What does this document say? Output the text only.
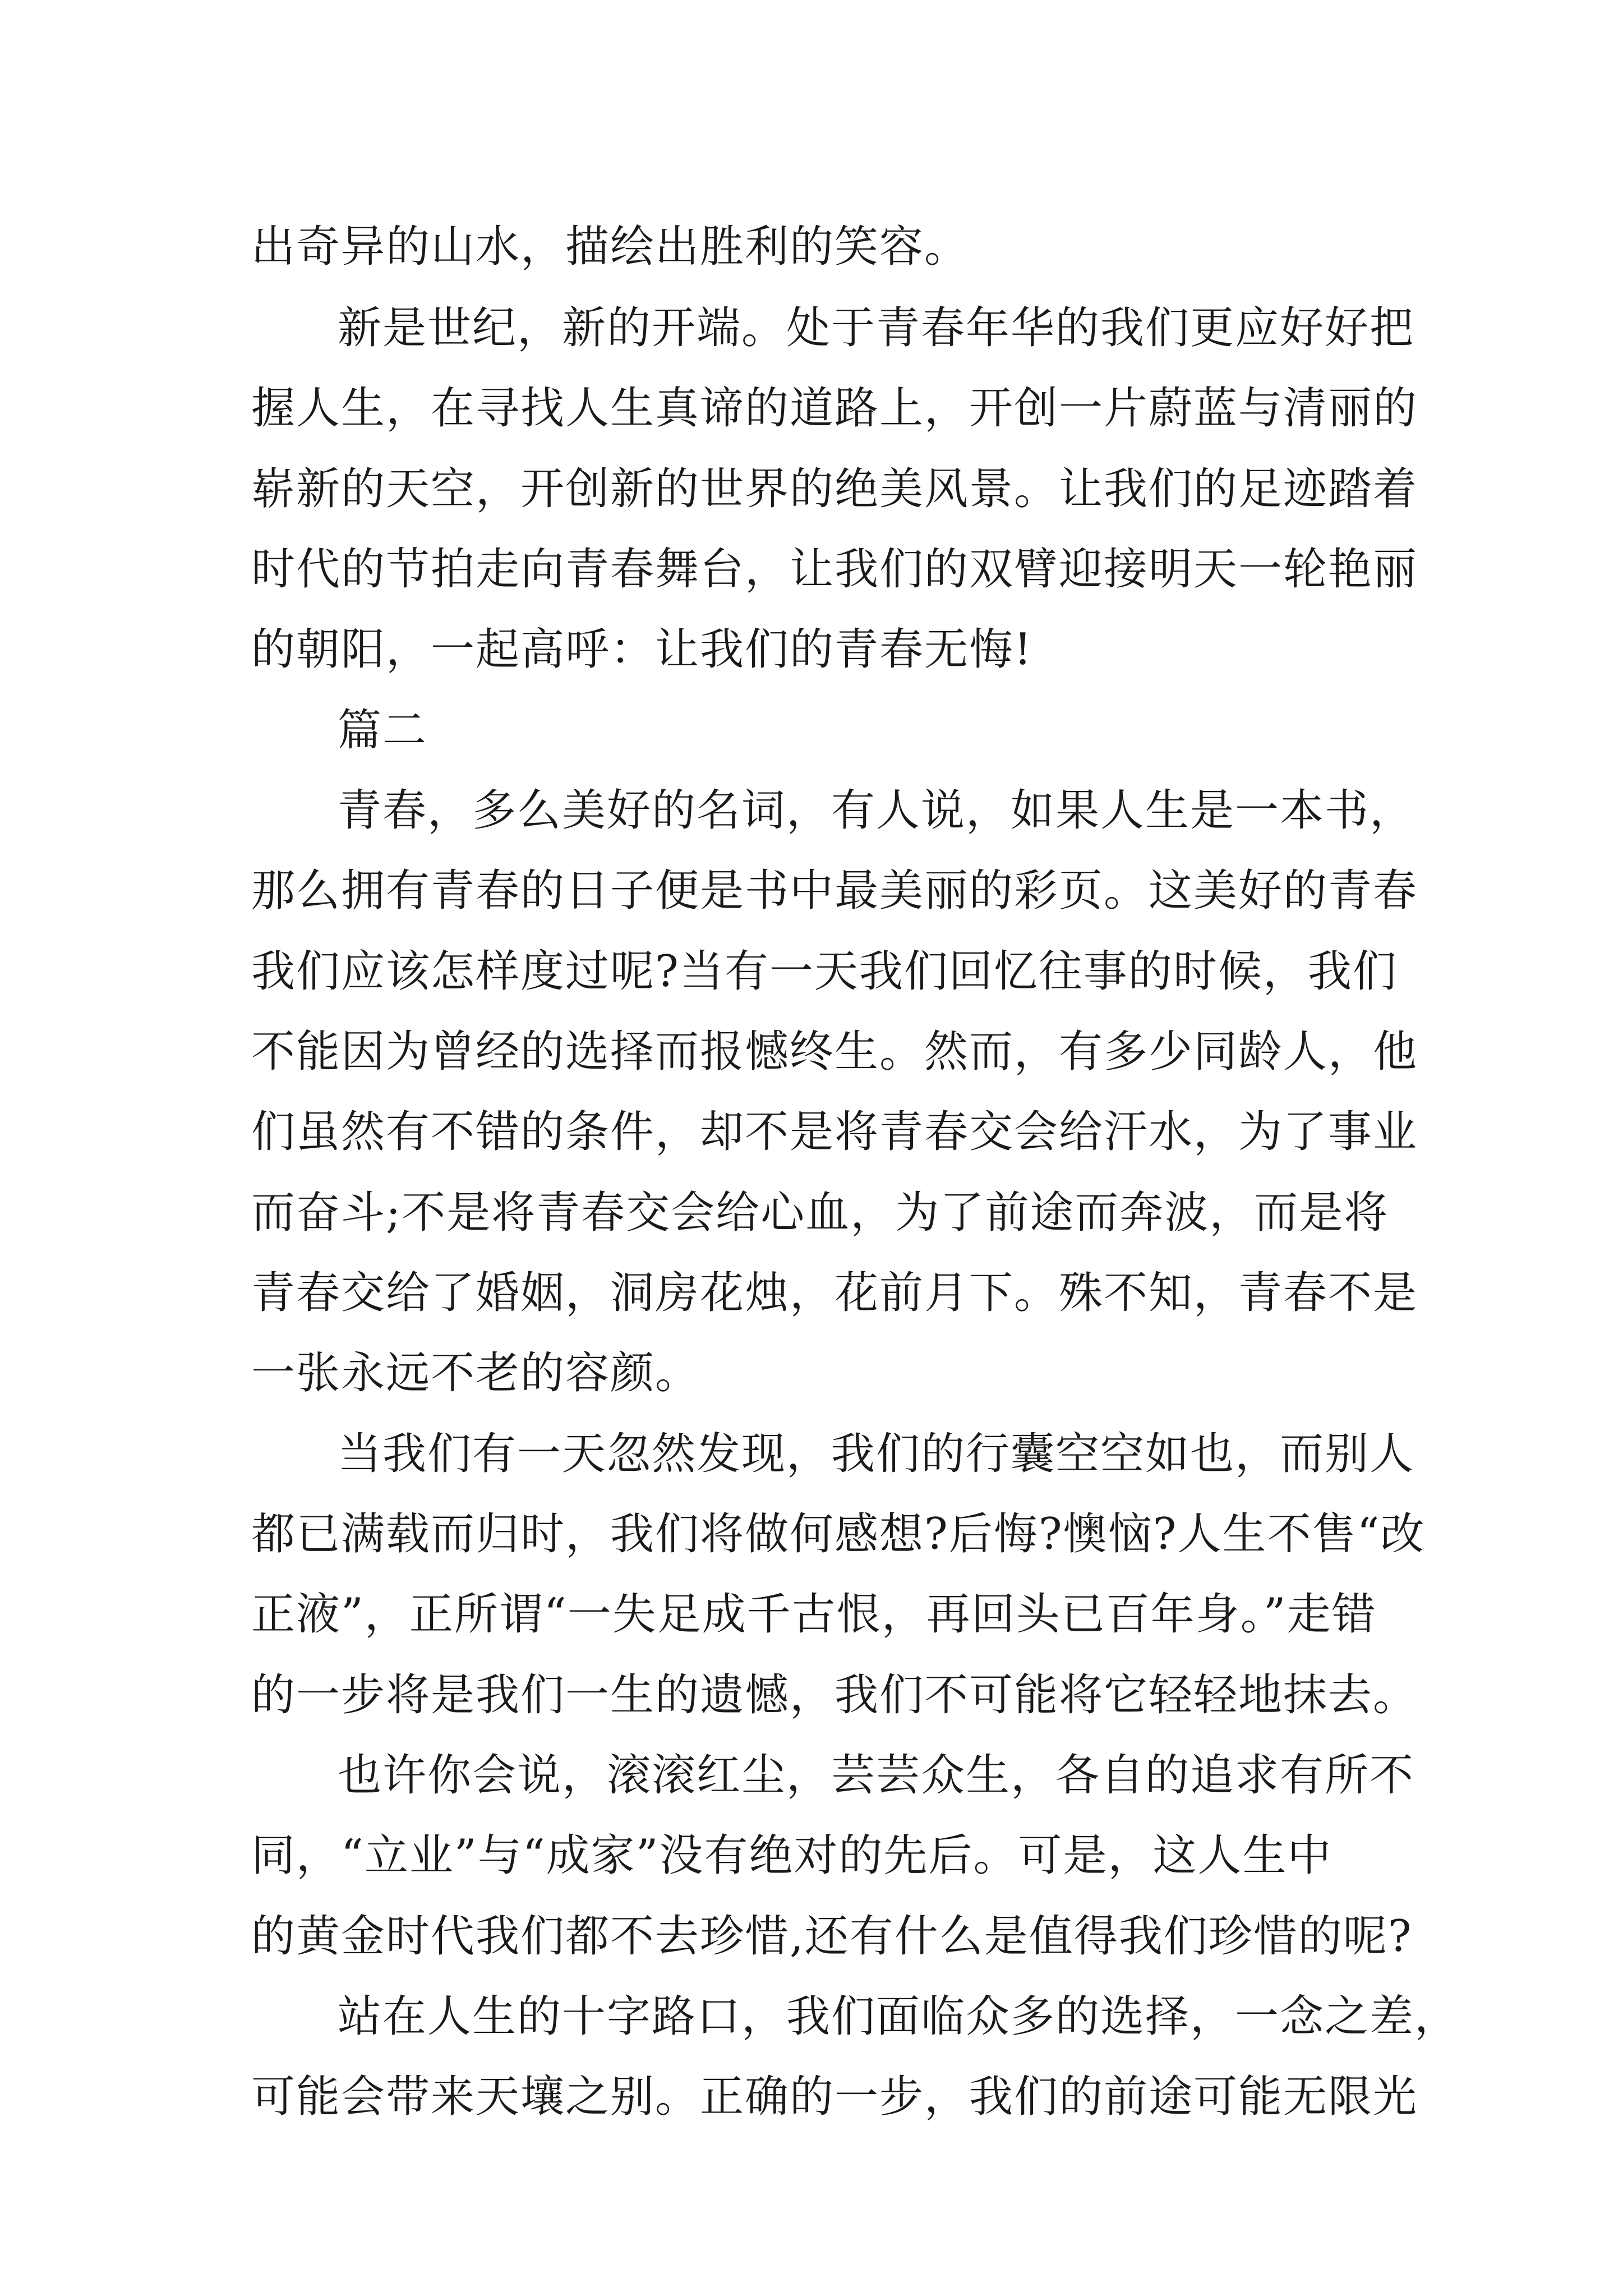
出奇异的山水，描绘出胜利的笑容。
新是世纪，新的开端。处于青春年华的我们更应好好把
握人生，在寻找人生真谛的道路上，开创一片蔚蓝与清丽的
崭新的天空，开创新的世界的绝美风景。让我们的足迹踏着
时代的节拍走向青春舞台，让我们的双臂迎接明天一轮艳丽
的朝阳，一起高呼：让我们的青春无悔!
篇二
青春，多么美好的名词，有人说，如果人生是一本书，
那么拥有青春的日子便是书中最美丽的彩页。这美好的青春
我们应该怎样度过呢?当有一天我们回忆往事的时候，我们
不能因为曾经的选择而报憾终生。然而，有多少同龄人，他
们虽然有不错的条件，却不是将青春交会给汗水，为了事业
而奋斗;不是将青春交会给心血，为了前途而奔波，而是将
青春交给了婚姻，洞房花烛，花前月下。殊不知，青春不是
一张永远不老的容颜。
当我们有一天忽然发现，我们的行囊空空如也，而别人
都已满载而归时，我们将做何感想?后悔?懊恼?人生不售“改
正液”，正所谓“一失足成千古恨，再回头已百年身。”走错
的一步将是我们一生的遗憾，我们不可能将它轻轻地抹去。
也许你会说，滚滚红尘，芸芸众生，各自的追求有所不
同，“立业”与“成家”没有绝对的先后。可是，这人生中
的黄金时代我们都不去珍惜,还有什么是值得我们珍惜的呢?
站在人生的十字路口，我们面临众多的选择，一念之差，
可能会带来天壤之别。正确的一步，我们的前途可能无限光
